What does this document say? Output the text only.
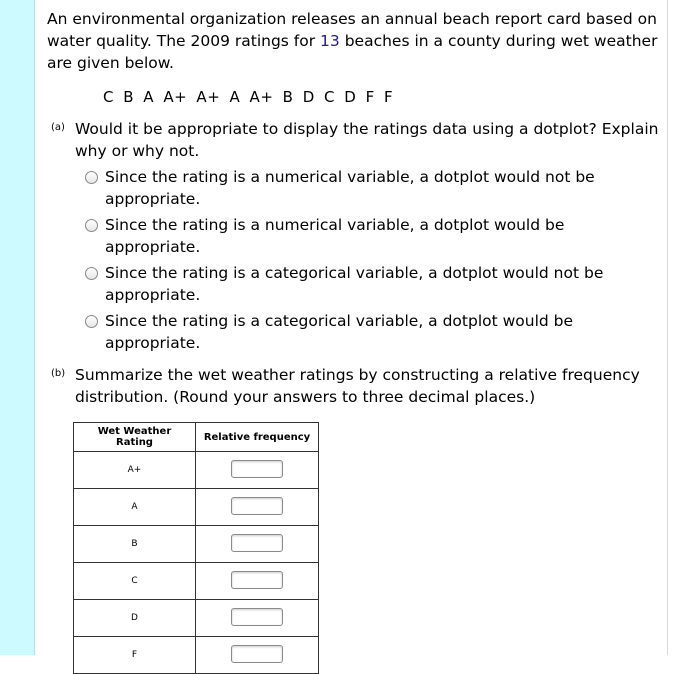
An environmental organization releases an annual beach report card based on water quality. The 2009 ratings for 13 beaches in a county during wet weather are given below.

C B A A+ A+ A A+ B D C D F F
(a) Would it be appropriate to display the ratings data using a dotplot? Explain why or why not.
Since the rating is a numerical variable, a dotplot would not be appropriate.
Since the rating is a numerical variable, a dotplot would be appropriate.
Since the rating is a categorical variable, a dotplot would not be appropriate.
Since the rating is a categorical variable, a dotplot would be appropriate.
(b) Summarize the wet weather ratings by constructing a relative frequency distribution. (Round your answers to three decimal places.)
Wet Weather Rating	Relative frequency
A+	
A	
B	
C	
D	
F	
